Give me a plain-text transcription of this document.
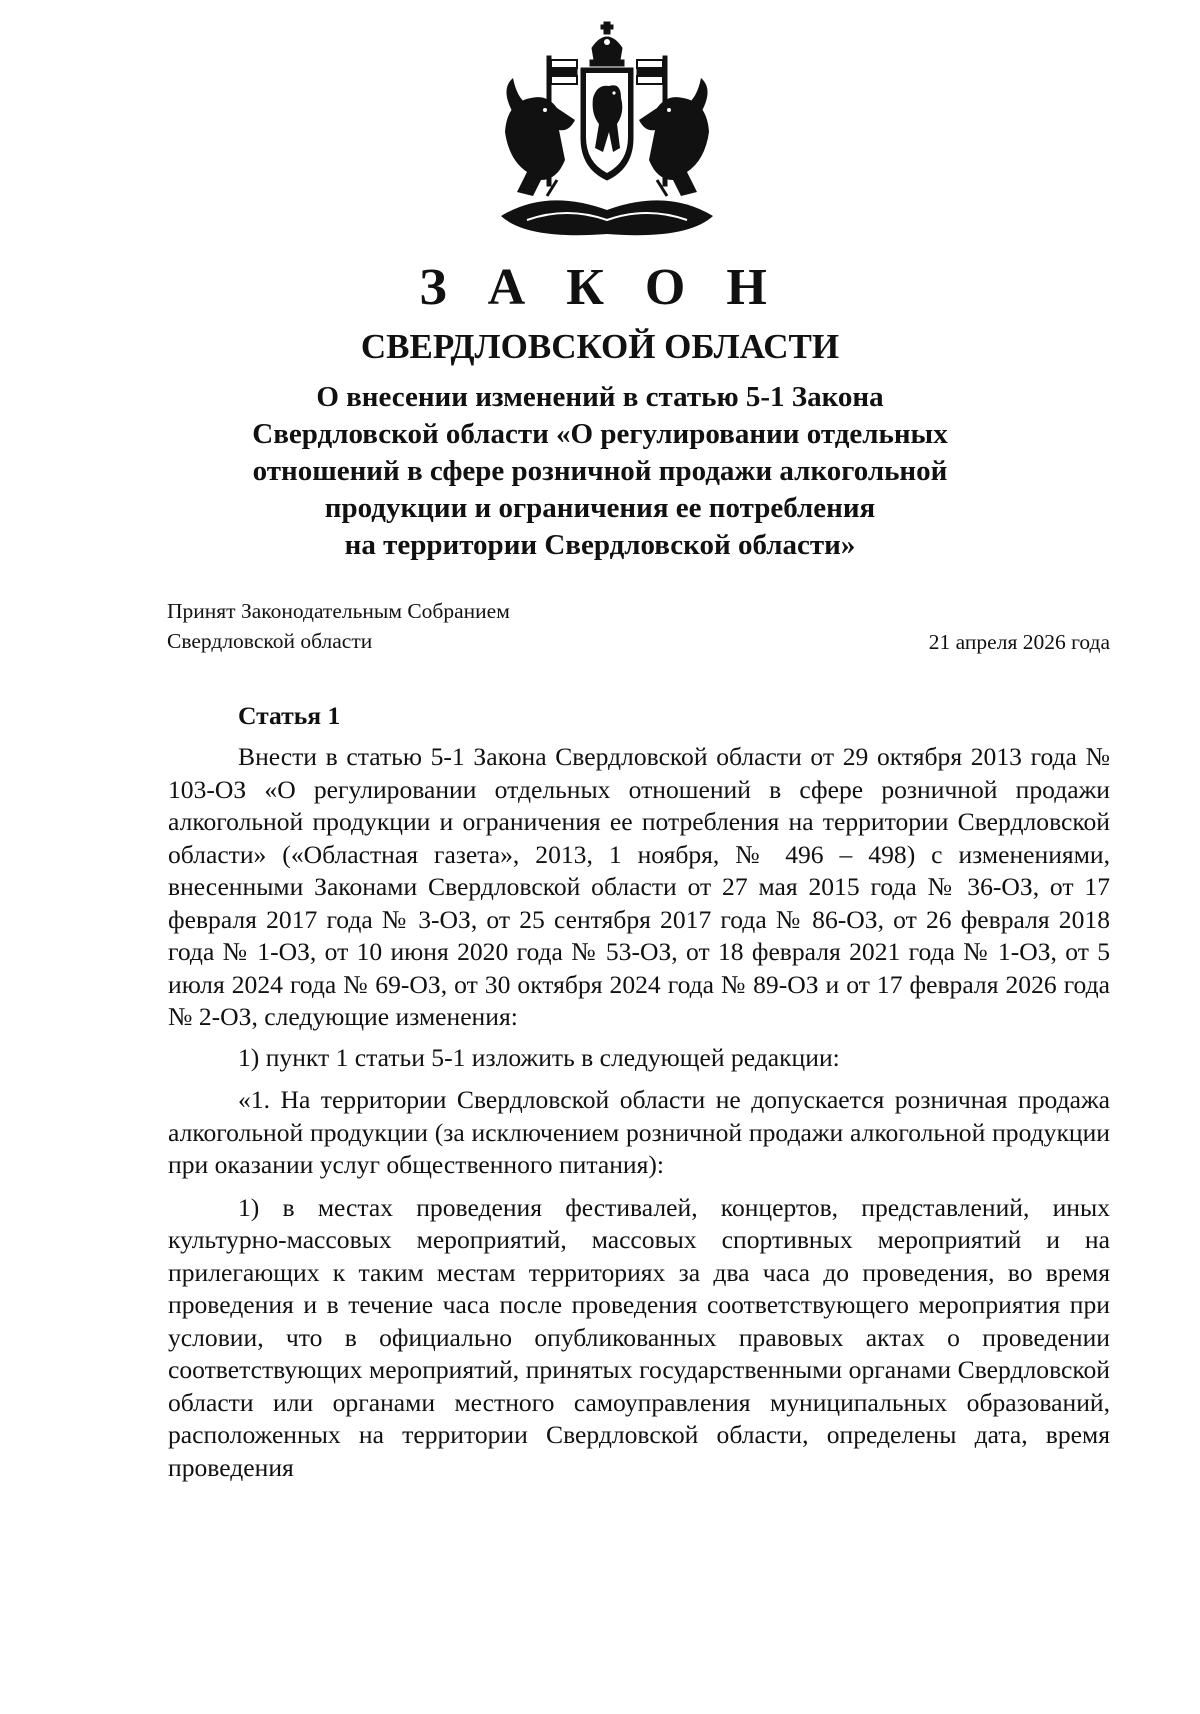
З А К О Н
СВЕРДЛОВСКОЙ ОБЛАСТИ
О внесении изменений в статью 5-1 Закона
Свердловской области «О регулировании отдельных
отношений в сфере розничной продажи алкогольной
продукции и ограничения ее потребления
на территории Свердловской области»
Принят Законодательным Собранием
Свердловской области	21 апреля 2026 года
Статья 1

Внести в статью 5-1 Закона Свердловской области от 29 октября 2013 года № 103-ОЗ «О регулировании отдельных отношений в сфере розничной продажи алкогольной продукции и ограничения ее потребления на территории Свердловской области» («Областная газета», 2013, 1 ноября, № 496 – 498) с изменениями, внесенными Законами Свердловской области от 27 мая 2015 года № 36-ОЗ, от 17 февраля 2017 года № 3-ОЗ, от 25 сентября 2017 года № 86-ОЗ, от 26 февраля 2018 года № 1-ОЗ, от 10 июня 2020 года № 53-ОЗ, от 18 февраля 2021 года № 1-ОЗ, от 5 июля 2024 года № 69-ОЗ, от 30 октября 2024 года № 89-ОЗ и от 17 февраля 2026 года № 2-ОЗ, следующие изменения:

1) пункт 1 статьи 5-1 изложить в следующей редакции:

«1. На территории Свердловской области не допускается розничная продажа алкогольной продукции (за исключением розничной продажи алкогольной продукции при оказании услуг общественного питания):

1) в местах проведения фестивалей, концертов, представлений, иных культурно-массовых мероприятий, массовых спортивных мероприятий и на прилегающих к таким местам территориях за два часа до проведения, во время проведения и в течение часа после проведения соответствующего мероприятия при условии, что в официально опубликованных правовых актах о проведении соответствующих мероприятий, принятых государственными органами Свердловской области или органами местного самоуправления муниципальных образований, расположенных на территории Свердловской области, определены дата, время проведения
